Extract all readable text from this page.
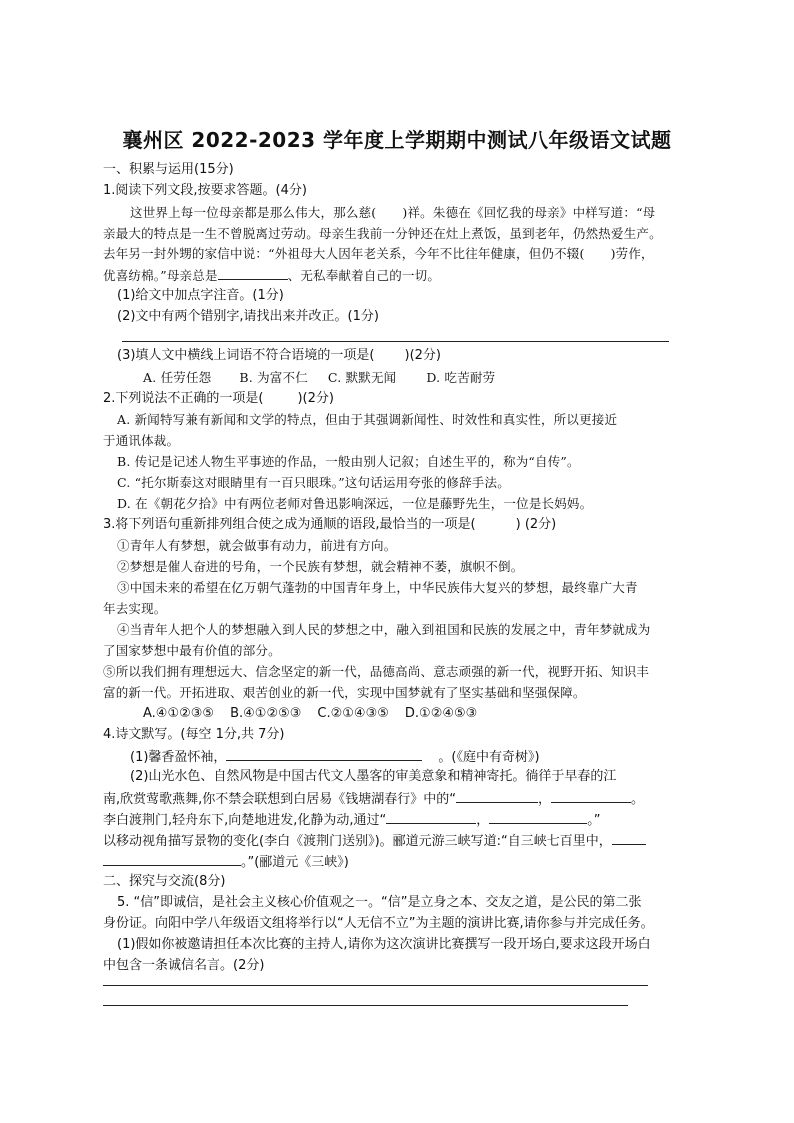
襄州区 2022-2023 学年度上学期期中测试八年级语文试题
一、积累与运用(15分)
1.阅读下列文段,按要求答题。(4分)
这世界上每一位母亲都是那么伟大，那么慈( )祥。朱德在《回忆我的母亲》中样写道：“母
亲最大的特点是一生不曾脱离过劳动。母亲生我前一分钟还在灶上煮饭，虽到老年，仍然热爱生产。
去年另一封外甥的家信中说：“外祖母大人因年老关系，今年不比往年健康，但仍不辍( )劳作，
优喜纺棉。”母亲总是	、无私奉献着自己的一切。
(1)给文中加点字注音。(1分)
(2)文中有两个错别字,请找出来并改正。(1分)
(3)填人文中横线上词语不符合语境的一项是( )(2分)
A. 任劳任怨 B. 为富不仁 C. 默默无闻 D. 吃苦耐劳
2.下列说法不正确的一项是(	)(2分)
A. 新闻特写兼有新闻和文学的特点，但由于其强调新闻性、时效性和真实性，所以更接近
于通讯体裁。
B. 传记是记述人物生平事迹的作品，一般由别人记叙；自述生平的，称为“自传”。
C. “托尔斯泰这对眼睛里有一百只眼珠。”这句话运用夸张的修辞手法。
D. 在《朝花夕拾》中有两位老师对鲁迅影响深远，一位是藤野先生，一位是长妈妈。
3.将下列语句重新排列组合使之成为通顺的语段,最恰当的一项是(	) (2分)
①青年人有梦想，就会做事有动力，前进有方向。
②梦想是催人奋进的号角，一个民族有梦想，就会精神不萎，旗帜不倒。
③中国未来的希望在亿万朝气蓬勃的中国青年身上，中华民族伟大复兴的梦想，最终靠广大青
年去实现。
④当青年人把个人的梦想融入到人民的梦想之中，融入到祖国和民族的发展之中，青年梦就成为
了国家梦想中最有价值的部分。
⑤所以我们拥有理想远大、信念坚定的新一代，品德高尚、意志顽强的新一代，视野开拓、知识丰
富的新一代。开拓进取、艰苦创业的新一代，实现中国梦就有了坚实基础和坚强保障。
A.④①②③⑤ B.④①②⑤③ C.②①④③⑤ D.①②④⑤③
4.诗文默写。(每空 1分,共 7分)
(1)馨香盈怀袖，	。(《庭中有奇树》)
(2)山光水色、自然风物是中国古代文人墨客的审美意象和精神寄托。徜徉于早春的江
南,欣赏莺歌燕舞,你不禁会联想到白居易《钱塘湖春行》中的“	，	。
李白渡荆门,轻舟东下,向楚地进发,化静为动,通过“	，	。”
以移动视角描写景物的变化(李白《渡荆门送别》)。郦道元游三峡写道:“自三峡七百里中，
。”(郦道元《三峡》)
二、探究与交流(8分)
5. “信”即诚信，是社会主义核心价值观之一。“信”是立身之本、交友之道，是公民的第二张
身份证。向阳中学八年级语文组将举行以“人无信不立”为主题的演讲比赛,请你参与并完成任务。
(1)假如你被邀请担任本次比赛的主持人,请你为这次演讲比赛撰写一段开场白,要求这段开场白
中包含一条诚信名言。(2分)
